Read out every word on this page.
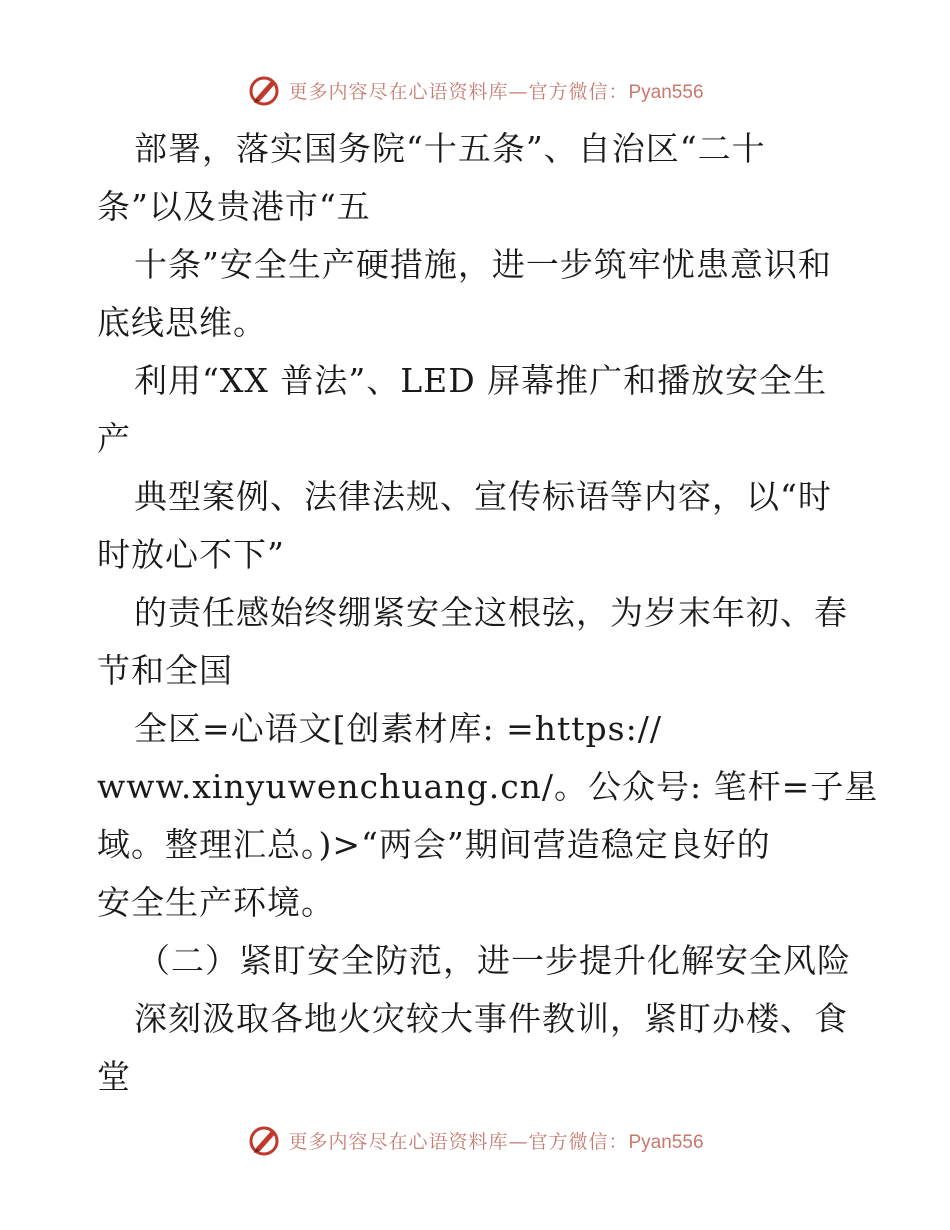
更多内容尽在心语资料库—官方微信：Pyan556
部署，落实国务院“十五条”、自治区“二十
条”以及贵港市“五
十条”安全生产硬措施，进一步筑牢忧患意识和
底线思维。
利用“XX 普法”、LED 屏幕推广和播放安全生
产
典型案例、法律法规、宣传标语等内容，以“时
时放心不下”
的责任感始终绷紧安全这根弦，为岁末年初、春
节和全国
全区=心语文[创素材库: =https://
www.xinyuwenchuang.cn/。公众号: 笔杆=子星
域。整理汇总。)>“两会”期间营造稳定良好的
安全生产环境。
（二）紧盯安全防范，进一步提升化解安全风险
深刻汲取各地火灾较大事件教训，紧盯办楼、食
堂
更多内容尽在心语资料库—官方微信：Pyan556
